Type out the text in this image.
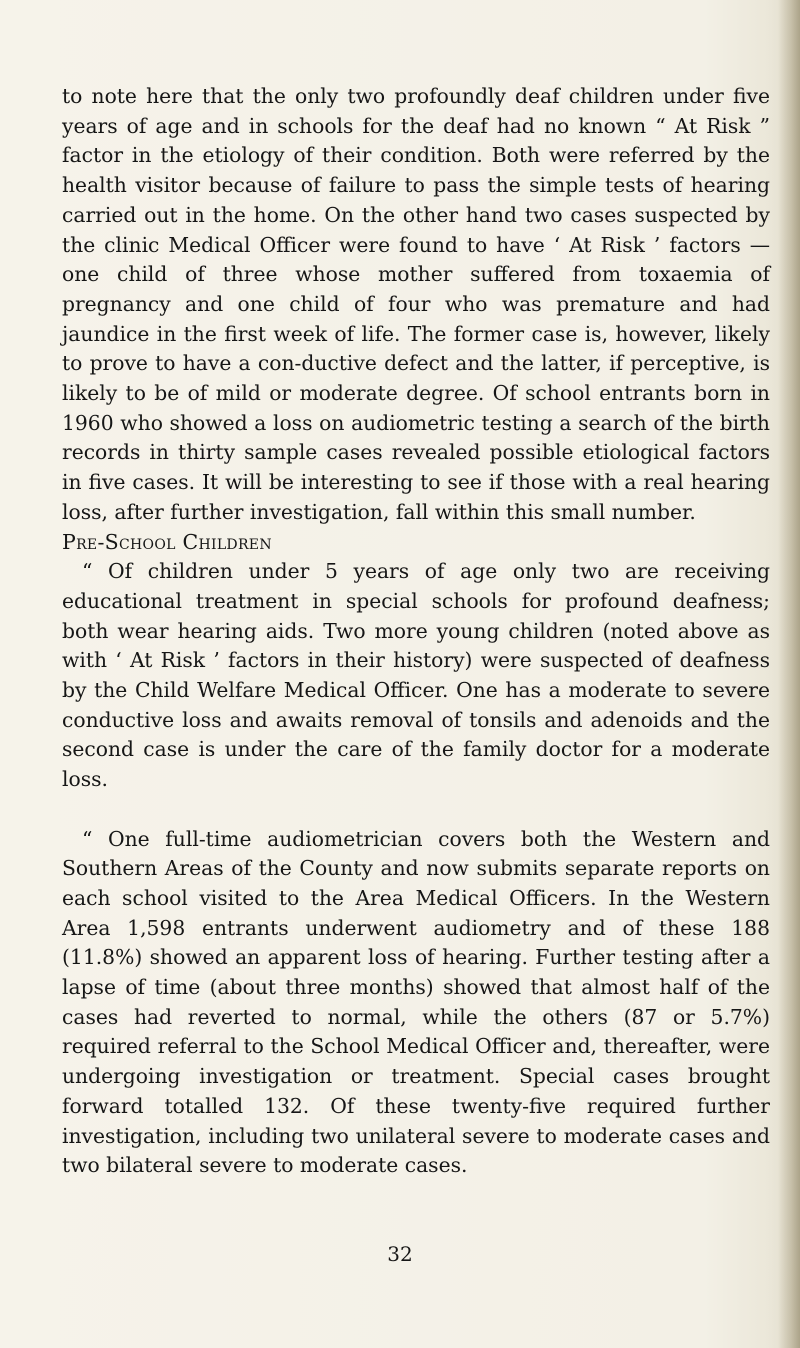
to note here that the only two profoundly deaf children under five years of age and in schools for the deaf had no known “ At Risk ” factor in the etiology of their condition. Both were referred by the health visitor because of failure to pass the simple tests of hearing carried out in the home. On the other hand two cases suspected by the clinic Medical Officer were found to have ‘ At Risk ’ factors — one child of three whose mother suffered from toxaemia of pregnancy and one child of four who was premature and had jaundice in the first week of life. The former case is, however, likely to prove to have a con-ductive defect and the latter, if perceptive, is likely to be of mild or moderate degree. Of school entrants born in 1960 who showed a loss on audiometric testing a search of the birth records in thirty sample cases revealed possible etiological factors in five cases. It will be interesting to see if those with a real hearing loss, after further investigation, fall within this small number.

Pre-School Children

“ Of children under 5 years of age only two are receiving educational treatment in special schools for profound deafness; both wear hearing aids. Two more young children (noted above as with ‘ At Risk ’ factors in their history) were suspected of deafness by the Child Welfare Medical Officer. One has a moderate to severe conductive loss and awaits removal of tonsils and adenoids and the second case is under the care of the family doctor for a moderate loss.

“ One full-time audiometrician covers both the Western and Southern Areas of the County and now submits separate reports on each school visited to the Area Medical Officers. In the Western Area 1,598 entrants underwent audiometry and of these 188 (11.8%) showed an apparent loss of hearing. Further testing after a lapse of time (about three months) showed that almost half of the cases had reverted to normal, while the others (87 or 5.7%) required referral to the School Medical Officer and, thereafter, were undergoing investigation or treatment. Special cases brought forward totalled 132. Of these twenty-five required further investigation, including two unilateral severe to moderate cases and two bilateral severe to moderate cases.

32
